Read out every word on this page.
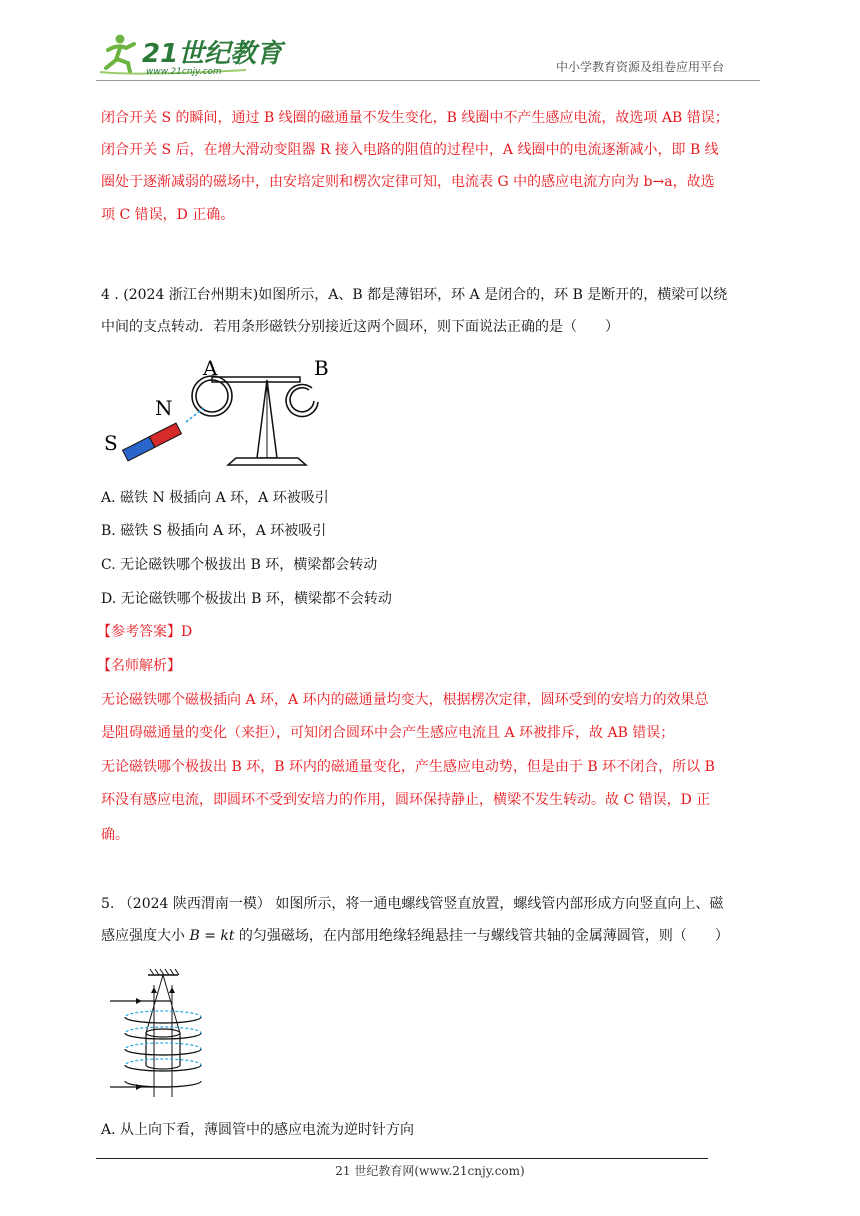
21世纪教育
www.21cnjy.com	中小学教育资源及组卷应用平台
闭合开关 S 的瞬间，通过 B 线圈的磁通量不发生变化，B 线圈中不产生感应电流，故选项 AB 错误；
闭合开关 S 后，在增大滑动变阻器 R 接入电路的阻值的过程中，A 线圈中的电流逐渐减小，即 B 线
圈处于逐渐减弱的磁场中，由安培定则和楞次定律可知，电流表 G 中的感应电流方向为 b→a，故选
项 C 错误，D 正确。
4 . (2024 浙江台州期末)如图所示，A、B 都是薄铝环，环 A 是闭合的，环 B 是断开的，横梁可以绕
中间的支点转动．若用条形磁铁分别接近这两个圆环，则下面说法正确的是（　　）
A	B
N
S
A. 磁铁 N 极插向 A 环，A 环被吸引
B. 磁铁 S 极插向 A 环，A 环被吸引
C. 无论磁铁哪个极拔出 B 环，横梁都会转动
D. 无论磁铁哪个极拔出 B 环，横梁都不会转动
【参考答案】D
【名师解析】
无论磁铁哪个磁极插向 A 环，A 环内的磁通量均变大，根据楞次定律，圆环受到的安培力的效果总
是阻碍磁通量的变化（来拒），可知闭合圆环中会产生感应电流且 A 环被排斥，故 AB 错误；
无论磁铁哪个极拔出 B 环，B 环内的磁通量变化，产生感应电动势，但是由于 B 环不闭合，所以 B
环没有感应电流，即圆环不受到安培力的作用，圆环保持静止，横梁不发生转动。故 C 错误，D 正
确。
5. （2024 陕西渭南一模） 如图所示，将一通电螺线管竖直放置，螺线管内部形成方向竖直向上、磁
感应强度大小 B = kt 的匀强磁场，在内部用绝缘轻绳悬挂一与螺线管共轴的金属薄圆管，则（　　）
A. 从上向下看，薄圆管中的感应电流为逆时针方向
21 世纪教育网(www.21cnjy.com)
